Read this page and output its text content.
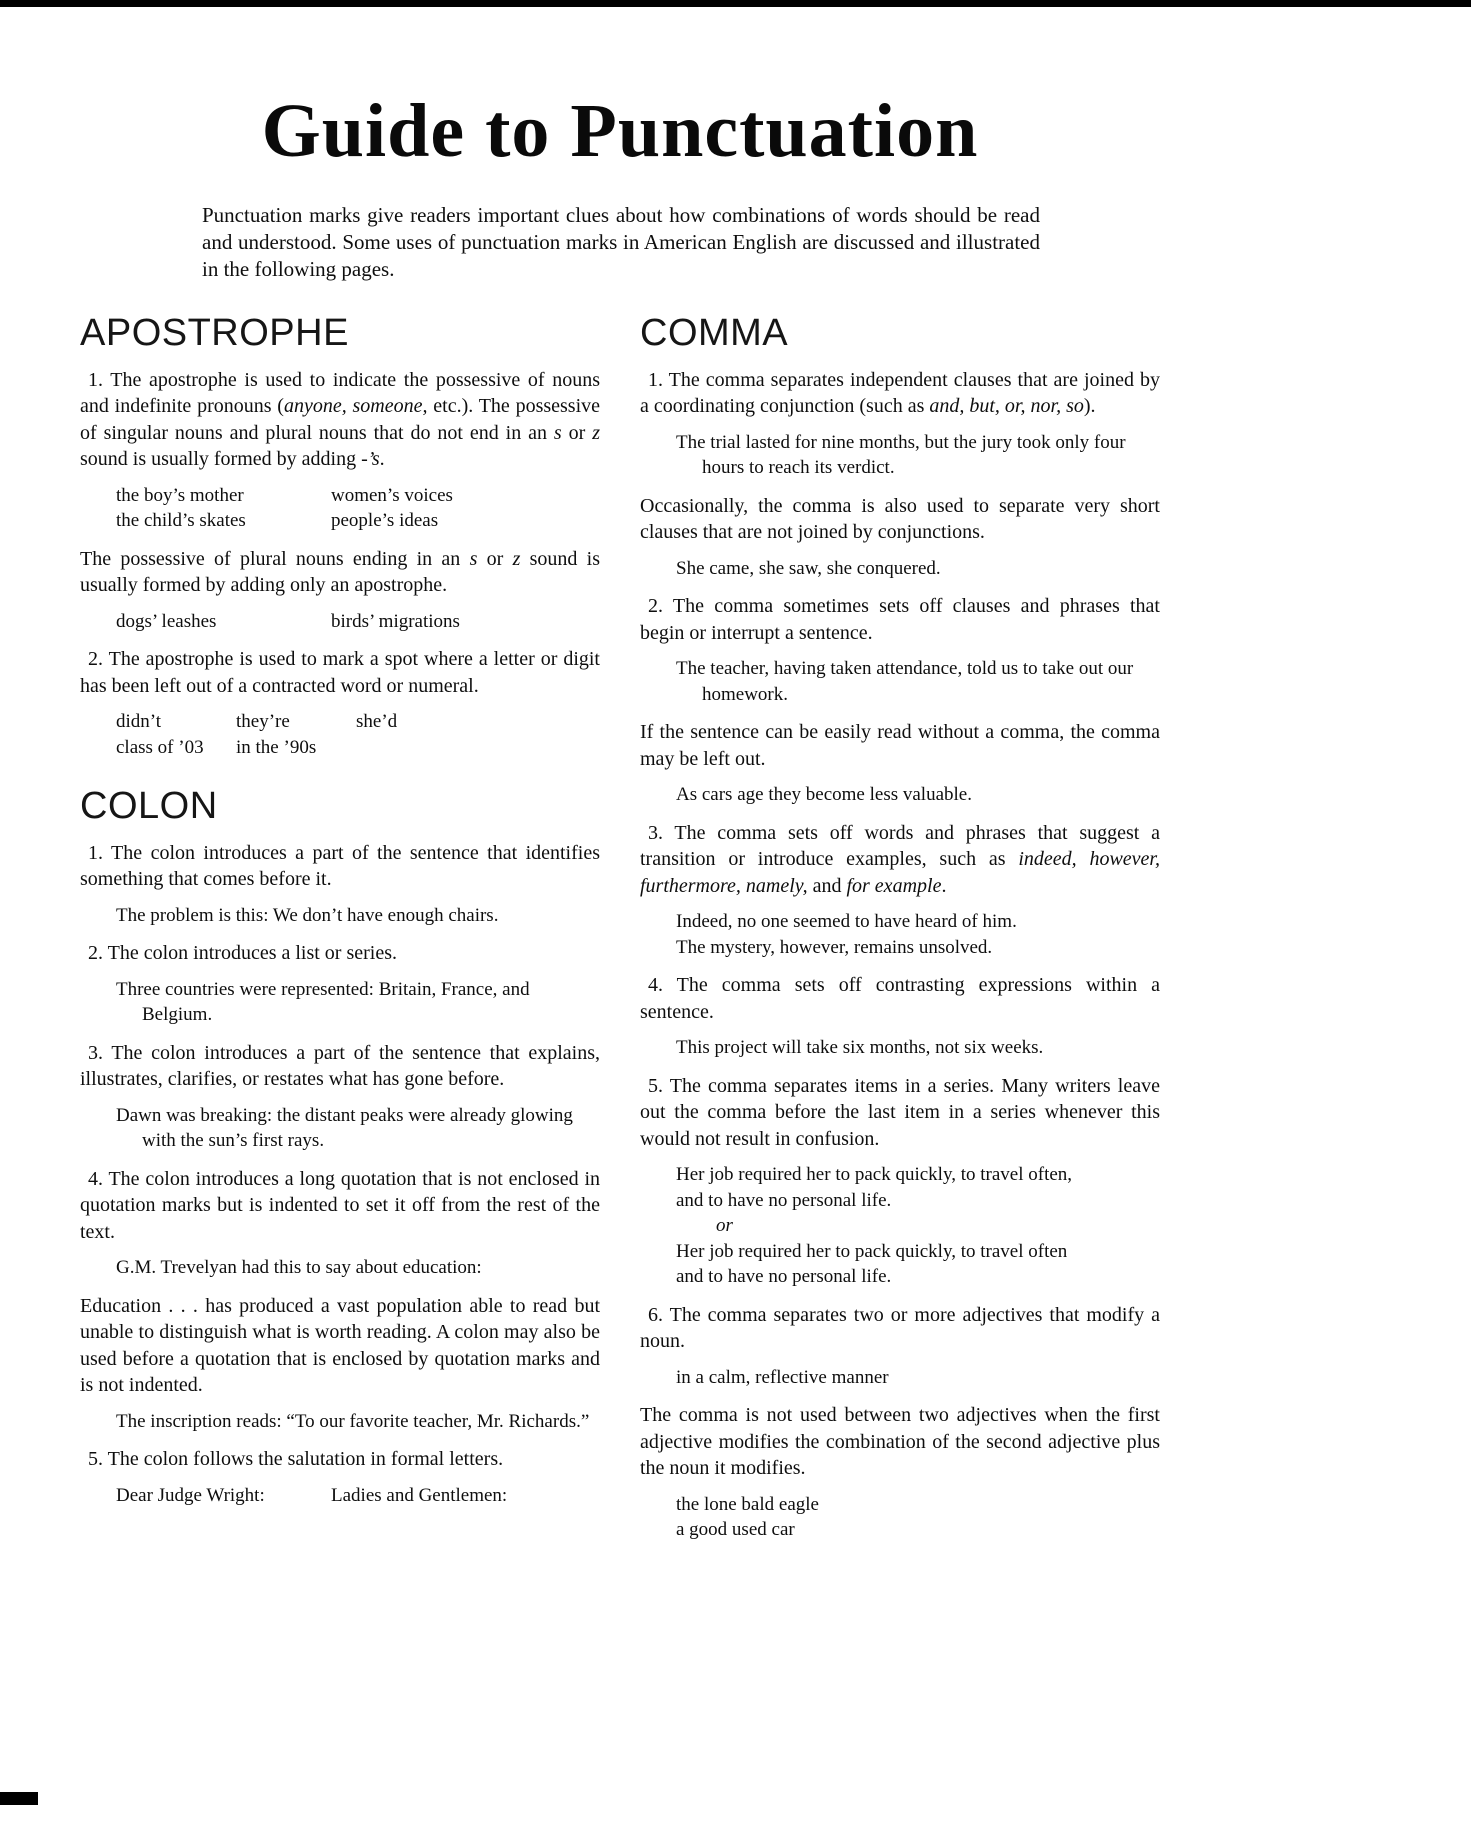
Guide to Punctuation

Punctuation marks give readers important clues about how combinations of words should be read and understood. Some uses of punctuation marks in American English are discussed and illustrated in the following pages.

APOSTROPHE

1. The apostrophe is used to indicate the possessive of nouns and indefinite pronouns (anyone, someone, etc.). The possessive of singular nouns and plural nouns that do not end in an s or z sound is usually formed by adding -’s.

the boy’s mother	women’s voices
the child’s skates	people’s ideas

The possessive of plural nouns ending in an s or z sound is usually formed by adding only an apostrophe.

dogs’ leashes	birds’ migrations

2. The apostrophe is used to mark a spot where a letter or digit has been left out of a contracted word or numeral.

didn’t	they’re	she’d
class of ’03	in the ’90s
COLON

1. The colon introduces a part of the sentence that identifies something that comes before it.

The problem is this: We don’t have enough chairs.

2. The colon introduces a list or series.

Three countries were represented: Britain, France, and Belgium.

3. The colon introduces a part of the sentence that explains, illustrates, clarifies, or restates what has gone before.

Dawn was breaking: the distant peaks were already glowing with the sun’s first rays.

4. The colon introduces a long quotation that is not enclosed in quotation marks but is indented to set it off from the rest of the text.

G.M. Trevelyan had this to say about education:

Education . . . has produced a vast population able to read but unable to distinguish what is worth reading. A colon may also be used before a quotation that is enclosed by quotation marks and is not indented.

The inscription reads: “To our favorite teacher, Mr. Richards.”

5. The colon follows the salutation in formal letters.

Dear Judge Wright:	Ladies and Gentlemen:
COMMA

1. The comma separates independent clauses that are joined by a coordinating conjunction (such as and, but, or, nor, so).

The trial lasted for nine months, but the jury took only four hours to reach its verdict.

Occasionally, the comma is also used to separate very short clauses that are not joined by conjunctions.

She came, she saw, she conquered.

2. The comma sometimes sets off clauses and phrases that begin or interrupt a sentence.

The teacher, having taken attendance, told us to take out our homework.

If the sentence can be easily read without a comma, the comma may be left out.

As cars age they become less valuable.

3. The comma sets off words and phrases that suggest a transition or introduce examples, such as indeed, however, furthermore, namely, and for example.

Indeed, no one seemed to have heard of him.

The mystery, however, remains unsolved.

4. The comma sets off contrasting expressions within a sentence.

This project will take six months, not six weeks.

5. The comma separates items in a series. Many writers leave out the comma before the last item in a series whenever this would not result in confusion.

Her job required her to pack quickly, to travel often,

and to have no personal life.

or

Her job required her to pack quickly, to travel often

and to have no personal life.

6. The comma separates two or more adjectives that modify a noun.

in a calm, reflective manner

The comma is not used between two adjectives when the first adjective modifies the combination of the second adjective plus the noun it modifies.

the lone bald eagle

a good used car
